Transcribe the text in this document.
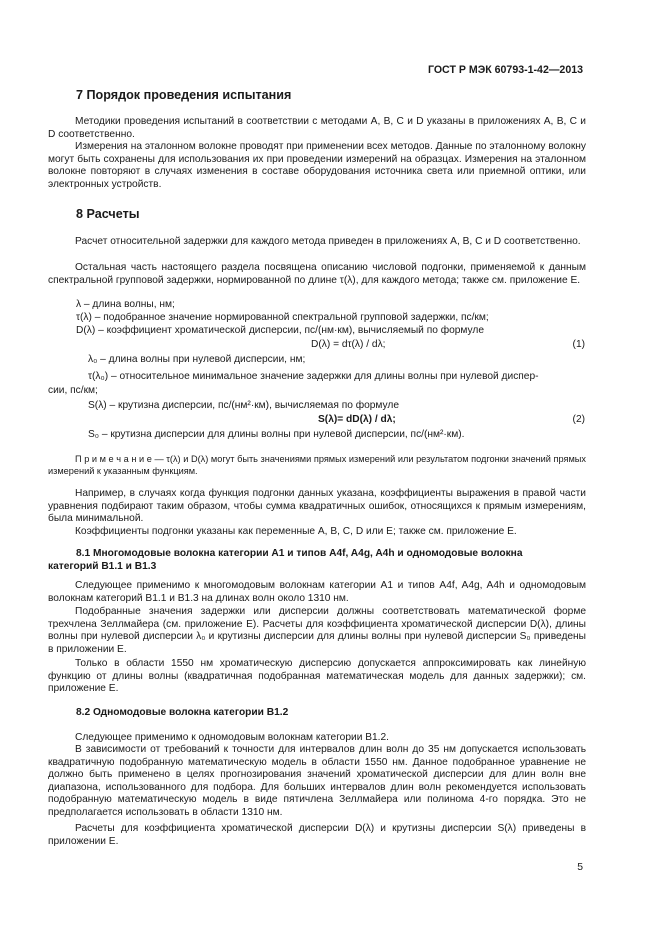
ГОСТ Р МЭК 60793-1-42—2013
7 Порядок проведения испытания
Методики проведения испытаний в соответствии с методами A, B, C и D указаны в приложениях A, B, C и D соответственно.
Измерения на эталонном волокне проводят при применении всех методов. Данные по эталонному волокну могут быть сохранены для использования их при проведении измерений на образцах. Измерения на эталонном волокне повторяют в случаях изменения в составе оборудования источника света или приемной оптики, или электронных устройств.
8 Расчеты
Расчет относительной задержки для каждого метода приведен в приложениях A, B, C и D соответственно.
Остальная часть настоящего раздела посвящена описанию числовой подгонки, применяемой к данным спектральной групповой задержки, нормированной по длине τ(λ), для каждого метода; также см. приложение E.
λ – длина волны, нм;
τ(λ) – подобранное значение нормированной спектральной групповой задержки, пс/км;
D(λ) – коэффициент хроматической дисперсии, пс/(нм·км), вычисляемый по формуле
D(λ) = dτ(λ) / dλ;	(1)
λ₀ – длина волны при нулевой дисперсии, нм;
τ(λ₀) – относительное минимальное значение задержки для длины волны при нулевой диспер-
сии, пс/км;
S(λ) – крутизна дисперсии, пс/(нм²·км), вычисляемая по формуле
S(λ)= dD(λ) / dλ;	(2)
S₀ – крутизна дисперсии для длины волны при нулевой дисперсии, пс/(нм²·км).
П р и м е ч а н и е — τ(λ) и D(λ) могут быть значениями прямых измерений или результатом подгонки значений прямых измерений к указанным функциям.
Например, в случаях когда функция подгонки данных указана, коэффициенты выражения в правой части уравнения подбирают таким образом, чтобы сумма квадратичных ошибок, относящихся к прямым измерениям, была минимальной.
Коэффициенты подгонки указаны как переменные A, B, C, D или E; также см. приложение E.
8.1 Многомодовые волокна категории A1 и типов A4f, A4g, A4h и одномодовые волокна
категорий B1.1 и B1.3
Следующее применимо к многомодовым волокнам категории A1 и типов A4f, A4g, A4h и одномодовым волокнам категорий B1.1 и B1.3 на длинах волн около 1310 нм.
Подобранные значения задержки или дисперсии должны соответствовать математической форме трехчлена Зеллмайера (см. приложение E). Расчеты для коэффициента хроматической дисперсии D(λ), длины волны при нулевой дисперсии λ₀ и крутизны дисперсии для длины волны при нулевой дисперсии S₀ приведены в приложении E.
Только в области 1550 нм хроматическую дисперсию допускается аппроксимировать как линейную функцию от длины волны (квадратичная подобранная математическая модель для данных задержки); см. приложение E.
8.2 Одномодовые волокна категории B1.2
Следующее применимо к одномодовым волокнам категории B1.2.
В зависимости от требований к точности для интервалов длин волн до 35 нм допускается использовать квадратичную подобранную математическую модель в области 1550 нм. Данное подобранное уравнение не должно быть применено в целях прогнозирования значений хроматической дисперсии для длин волн вне диапазона, использованного для подбора. Для больших интервалов длин волн рекомендуется использовать подобранную математическую модель в виде пятичлена Зеллмайера или полинома 4-го порядка. Это не предполагается использовать в области 1310 нм.
Расчеты для коэффициента хроматической дисперсии D(λ) и крутизны дисперсии S(λ) приведены в приложении E.
5
